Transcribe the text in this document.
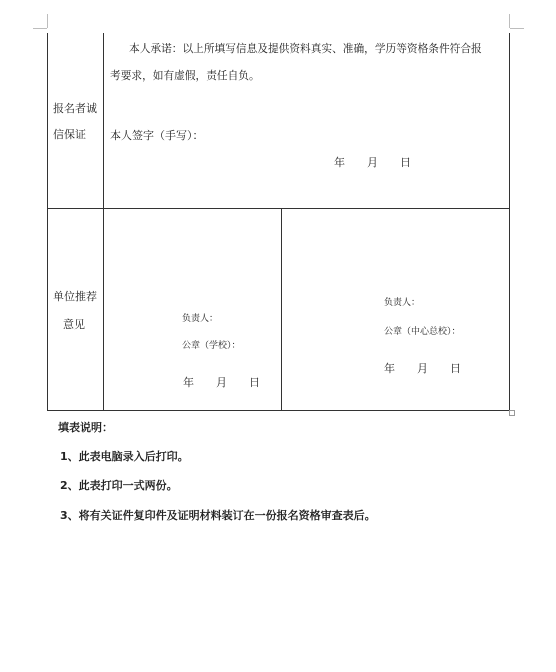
报名者诚
信保证
本人承诺：以上所填写信息及提供资料真实、准确，学历等资格条件符合报
考要求，如有虚假，责任自负。
本人签字（手写）：
年　　月　　日
单位推荐
意见	负责人：
公章（学校）：
年　　月　　日
负责人：
公章（中心总校）：
年　　月　　日
填表说明：
1、此表电脑录入后打印。
2、此表打印一式两份。
3、将有关证件复印件及证明材料装订在一份报名资格审查表后。
